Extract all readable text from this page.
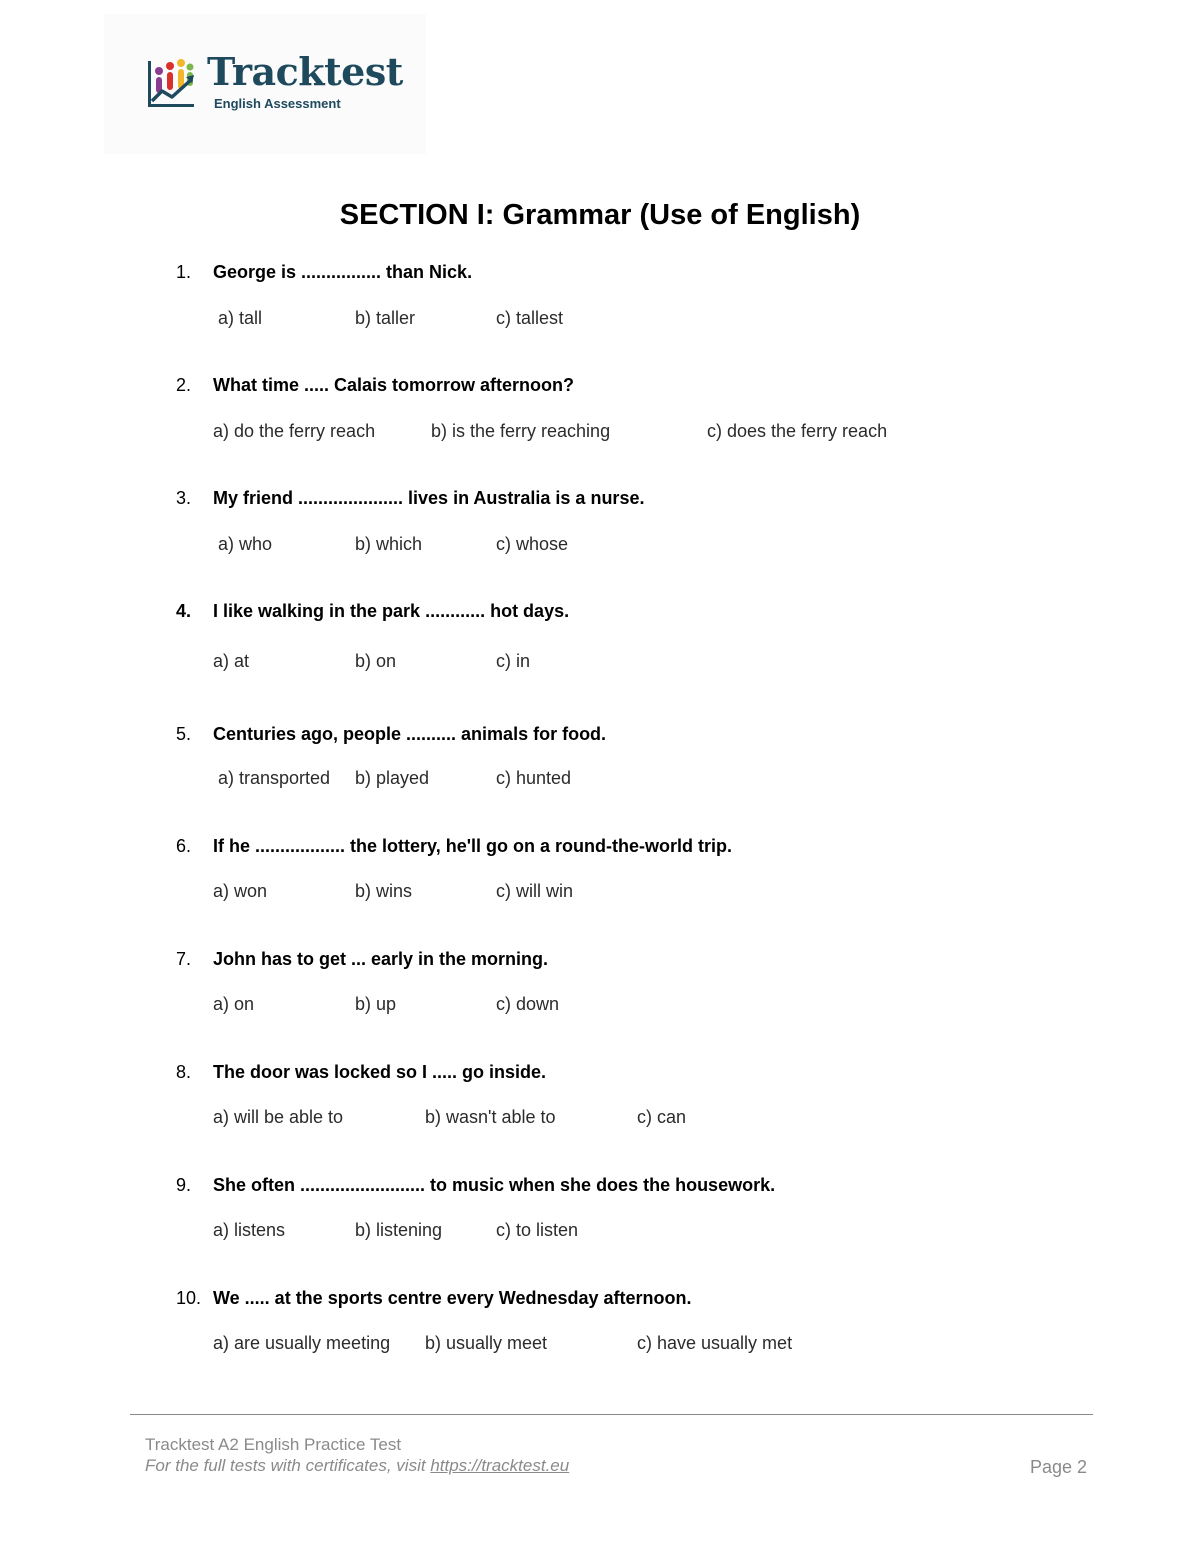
Tracktest
English Assessment
SECTION I: Grammar (Use of English)
1. George is ................ than Nick.
a) tall	b) taller	c) tallest
2. What time ..... Calais tomorrow afternoon?
a) do the ferry reach	b) is the ferry reaching	c) does the ferry reach
3. My friend ..................... lives in Australia is a nurse.
a) who	b) which	c) whose
4. I like walking in the park ............ hot days.
a) at	b) on	c) in
5. Centuries ago, people .......... animals for food.
a) transported b) played	c) hunted
6. If he .................. the lottery, he'll go on a round-the-world trip.
a) won	b) wins	c) will win
7. John has to get ... early in the morning.
a) on	b) up	c) down
8. The door was locked so I ..... go inside.
a) will be able to	b) wasn't able to	c) can
9. She often ......................... to music when she does the housework.
a) listens	b) listening	c) to listen
10. We ..... at the sports centre every Wednesday afternoon.
a) are usually meeting b) usually meet	c) have usually met
Tracktest A2 English Practice Test
For the full tests with certificates, visit https://tracktest.eu	Page 2
